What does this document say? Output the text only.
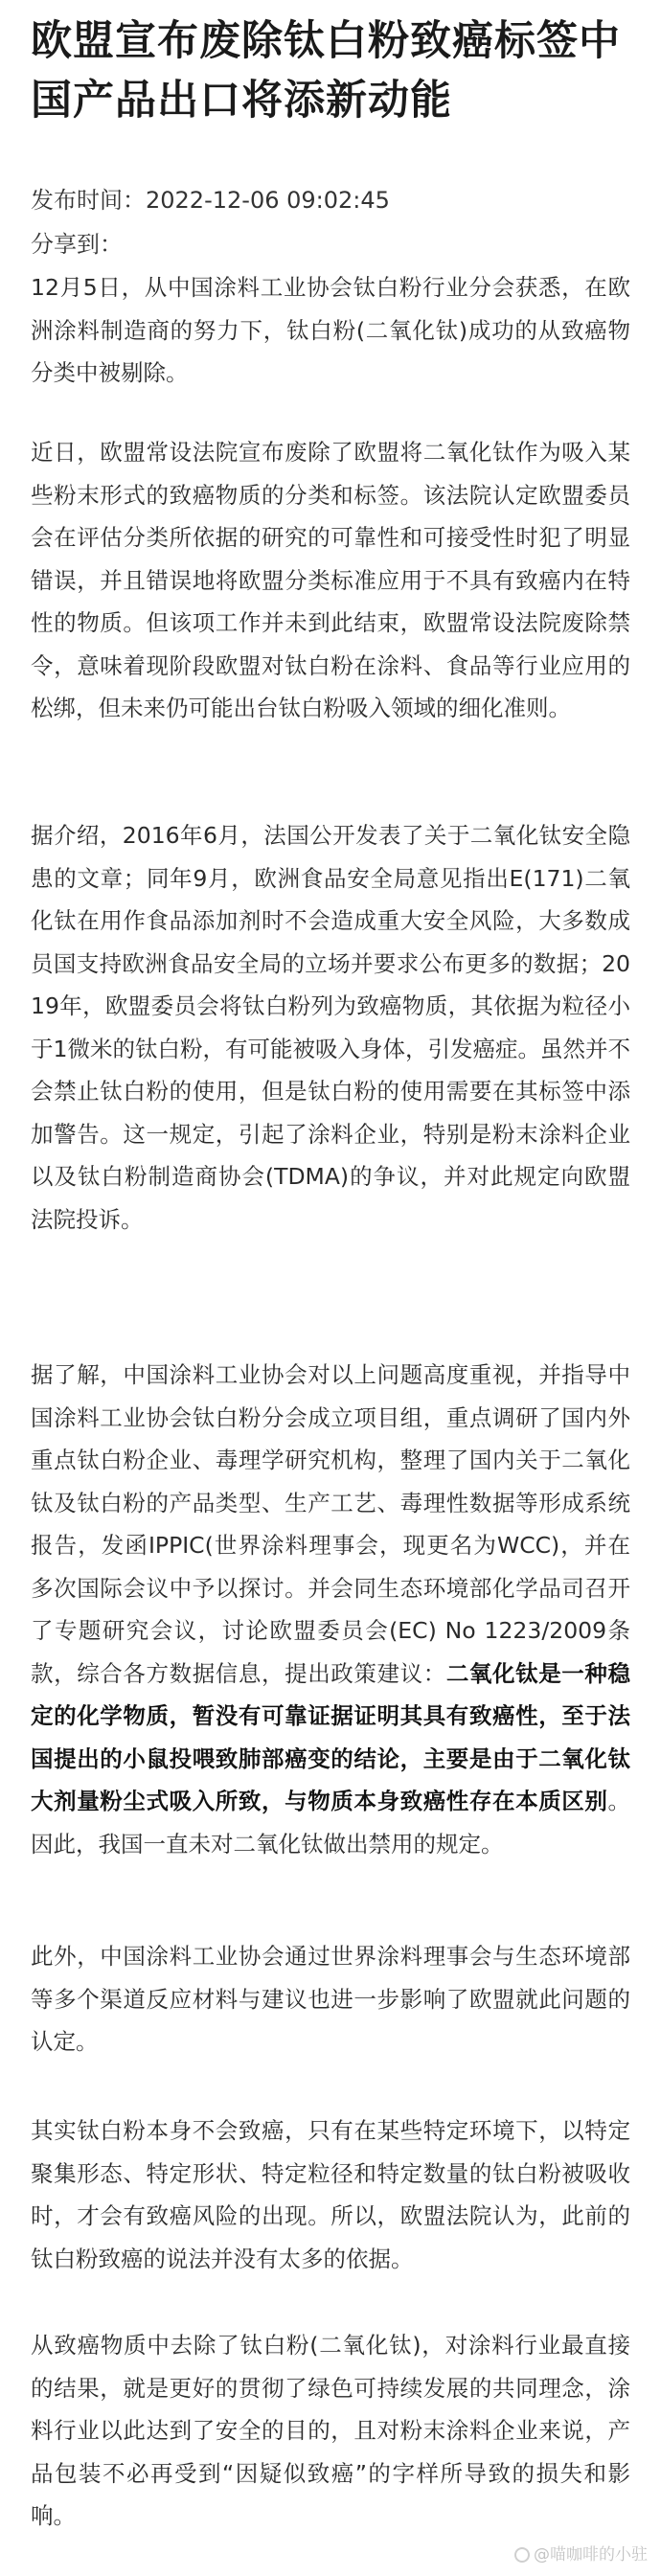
欧盟宣布废除钛白粉致癌标签中国产品出口将添新动能
发布时间：2022-12-06 09:02:45
分享到：

12月5日，从中国涂料工业协会钛白粉行业分会获悉，在欧洲涂料制造商的努力下，钛白粉(二氧化钛)成功的从致癌物分类中被剔除。

近日，欧盟常设法院宣布废除了欧盟将二氧化钛作为吸入某些粉末形式的致癌物质的分类和标签。该法院认定欧盟委员会在评估分类所依据的研究的可靠性和可接受性时犯了明显错误，并且错误地将欧盟分类标准应用于不具有致癌内在特性的物质。但该项工作并未到此结束，欧盟常设法院废除禁令，意味着现阶段欧盟对钛白粉在涂料、食品等行业应用的松绑，但未来仍可能出台钛白粉吸入领域的细化准则。

据介绍，2016年6月，法国公开发表了关于二氧化钛安全隐患的文章；同年9月，欧洲食品安全局意见指出E(171)二氧化钛在用作食品添加剂时不会造成重大安全风险，大多数成员国支持欧洲食品安全局的立场并要求公布更多的数据；2019年，欧盟委员会将钛白粉列为致癌物质，其依据为粒径小于1微米的钛白粉，有可能被吸入身体，引发癌症。虽然并不会禁止钛白粉的使用，但是钛白粉的使用需要在其标签中添加警告。这一规定，引起了涂料企业，特别是粉末涂料企业以及钛白粉制造商协会(TDMA)的争议，并对此规定向欧盟法院投诉。

据了解，中国涂料工业协会对以上问题高度重视，并指导中国涂料工业协会钛白粉分会成立项目组，重点调研了国内外重点钛白粉企业、毒理学研究机构，整理了国内关于二氧化钛及钛白粉的产品类型、生产工艺、毒理性数据等形成系统报告，发函IPPIC(世界涂料理事会，现更名为WCC)，并在多次国际会议中予以探讨。并会同生态环境部化学品司召开了专题研究会议，讨论欧盟委员会(EC) No 1223/2009条款，综合各方数据信息，提出政策建议：二氧化钛是一种稳定的化学物质，暂没有可靠证据证明其具有致癌性，至于法国提出的小鼠投喂致肺部癌变的结论，主要是由于二氧化钛大剂量粉尘式吸入所致，与物质本身致癌性存在本质区别。因此，我国一直未对二氧化钛做出禁用的规定。

此外，中国涂料工业协会通过世界涂料理事会与生态环境部等多个渠道反应材料与建议也进一步影响了欧盟就此问题的认定。

其实钛白粉本身不会致癌，只有在某些特定环境下，以特定聚集形态、特定形状、特定粒径和特定数量的钛白粉被吸收时，才会有致癌风险的出现。所以，欧盟法院认为，此前的钛白粉致癌的说法并没有太多的依据。

从致癌物质中去除了钛白粉(二氧化钛)，对涂料行业最直接的结果，就是更好的贯彻了绿色可持续发展的共同理念，涂料行业以此达到了安全的目的，且对粉末涂料企业来说，产品包装不必再受到“因疑似致癌”的字样所导致的损失和影响。

@喵咖啡的小驻
